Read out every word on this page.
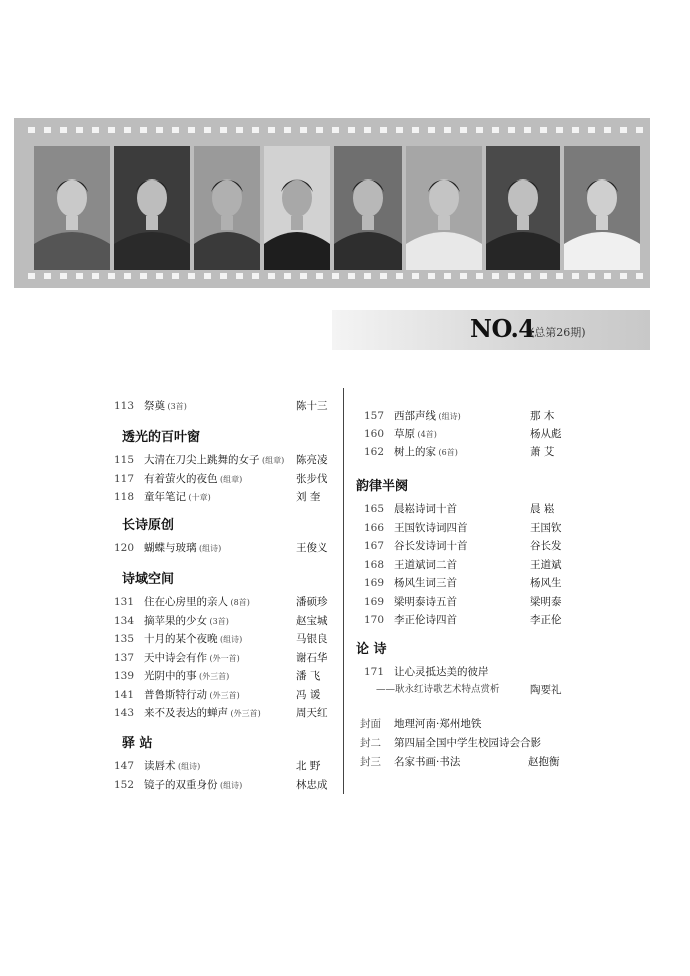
NO.4
(总第26期)
113 祭奠 (3首)	陈十三
透光的百叶窗
115 大清在刀尖上跳舞的女子 (组章) 陈亮凌
117 有着萤火的夜色 (组章)	张步伐
118 童年笔记 (十章)	刘 奎
长诗原创
120 蝴蝶与玻璃 (组诗)	王俊义
诗域空间
131 住在心房里的亲人 (8首)	潘硕珍
134 摘苹果的少女 (3首)	赵宝城
135 十月的某个夜晚 (组诗)	马银良
137 天中诗会有作 (外一首)	谢石华
139 光阴中的事 (外三首)	潘 飞
141 普鲁斯特行动 (外三首)	冯 谖
143 来不及表达的蝉声 (外三首)	周天红
驿 站
147 读唇术 (组诗)	北 野
152 镜子的双重身份 (组诗)	林忠成
157 西部声线 (组诗)	那 木
160 草原 (4首)	杨从彪
162 树上的家 (6首)	萧 艾
韵律半阕
165 晨崧诗词十首	晨 崧
166 王国钦诗词四首	王国钦
167 谷长发诗词十首	谷长发
168 王道斌词二首	王道斌
169 杨风生词三首	杨风生
169 梁明泰诗五首	梁明泰
170 李正伦诗四首	李正伦
论 诗
171 让心灵抵达美的彼岸
——耿永红诗歌艺术特点赏析	陶要礼
封面	地理河南·郑州地铁
封二	第四届全国中学生校园诗会合影
封三	名家书画·书法	赵抱衡
